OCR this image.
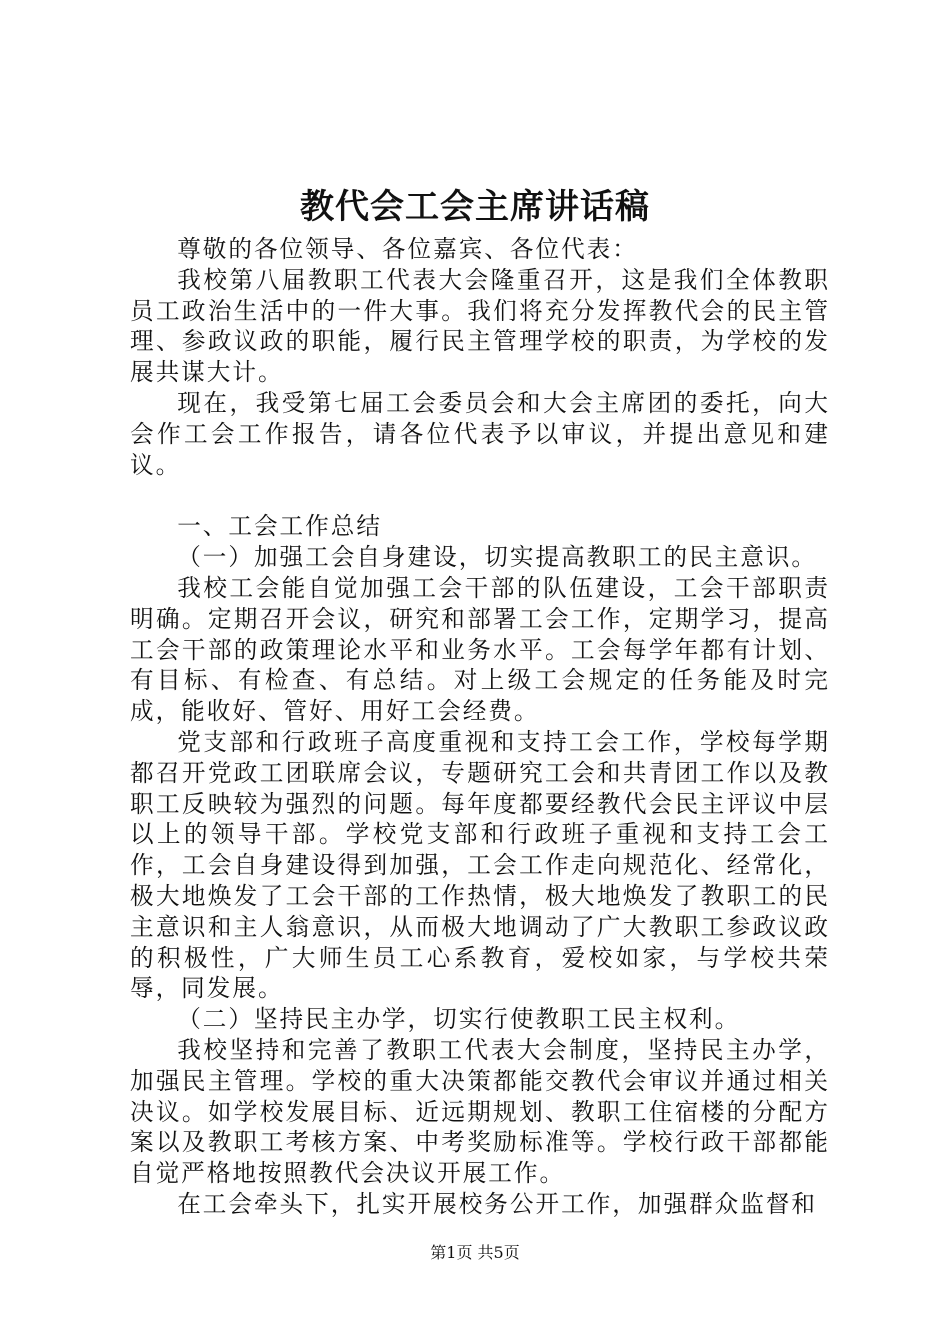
教代会工会主席讲话稿

尊敬的各位领导、各位嘉宾、各位代表：

我校第八届教职工代表大会隆重召开，这是我们全体教职员工政治生活中的一件大事。我们将充分发挥教代会的民主管理、参政议政的职能，履行民主管理学校的职责，为学校的发展共谋大计。

现在，我受第七届工会委员会和大会主席团的委托，向大会作工会工作报告，请各位代表予以审议，并提出意见和建议。

一、工会工作总结

（一）加强工会自身建设，切实提高教职工的民主意识。

我校工会能自觉加强工会干部的队伍建设，工会干部职责明确。定期召开会议，研究和部署工会工作，定期学习，提高工会干部的政策理论水平和业务水平。工会每学年都有计划、有目标、有检查、有总结。对上级工会规定的任务能及时完成，能收好、管好、用好工会经费。

党支部和行政班子高度重视和支持工会工作，学校每学期都召开党政工团联席会议，专题研究工会和共青团工作以及教职工反映较为强烈的问题。每年度都要经教代会民主评议中层以上的领导干部。学校党支部和行政班子重视和支持工会工作，工会自身建设得到加强，工会工作走向规范化、经常化，极大地焕发了工会干部的工作热情，极大地焕发了教职工的民主意识和主人翁意识，从而极大地调动了广大教职工参政议政的积极性，广大师生员工心系教育，爱校如家，与学校共荣辱，同发展。

（二）坚持民主办学，切实行使教职工民主权利。

我校坚持和完善了教职工代表大会制度，坚持民主办学，加强民主管理。学校的重大决策都能交教代会审议并通过相关决议。如学校发展目标、近远期规划、教职工住宿楼的分配方案以及教职工考核方案、中考奖励标准等。学校行政干部都能自觉严格地按照教代会决议开展工作。

在工会牵头下，扎实开展校务公开工作，加强群众监督和

第1页 共5页
